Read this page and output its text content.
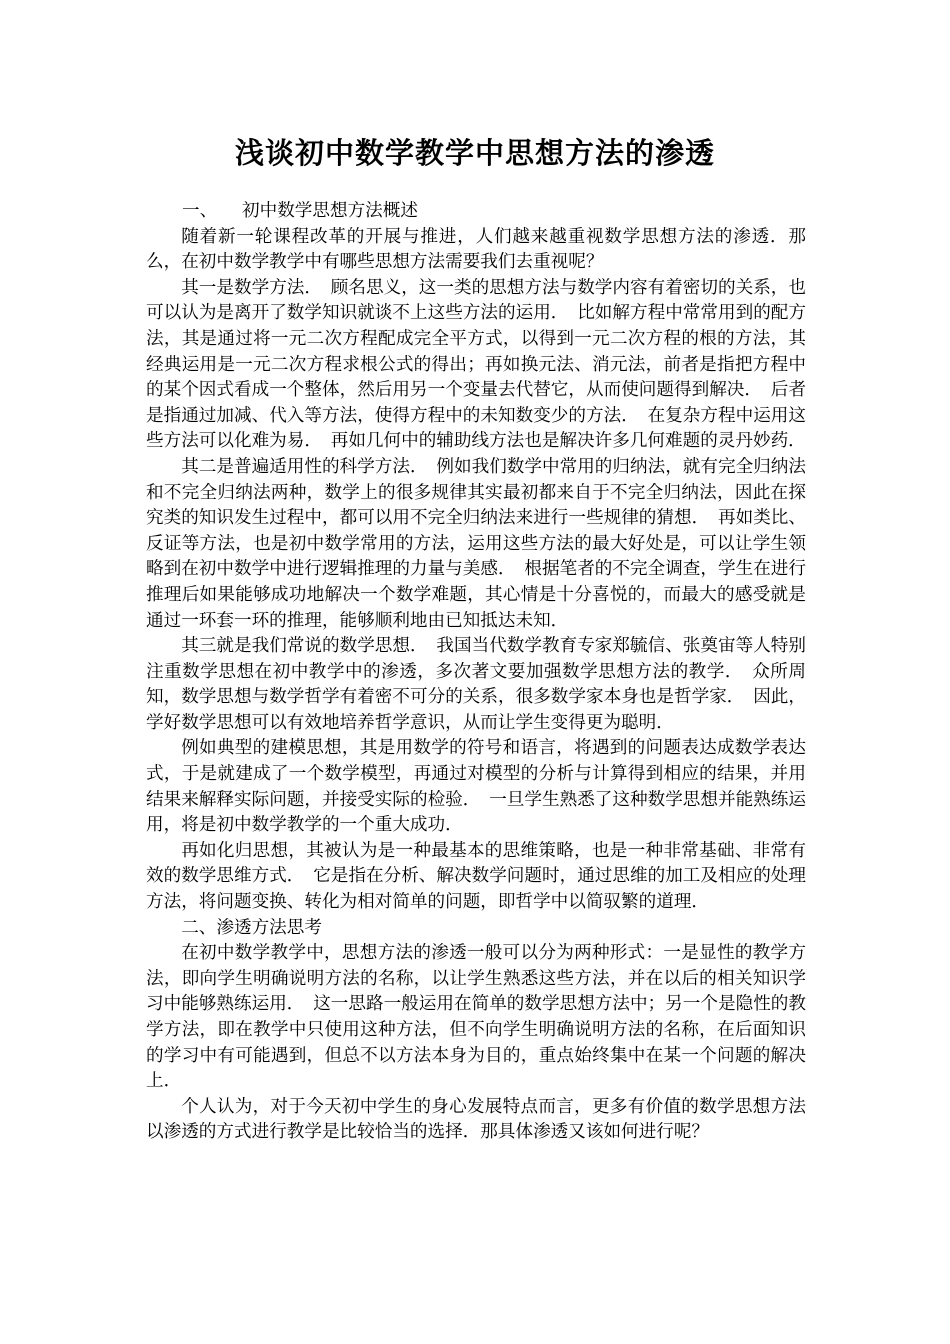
浅谈初中数学教学中思想方法的渗透
一、 初中数学思想方法概述

随着新一轮课程改革的开展与推进，人们越来越重视数学思想方法的渗透．那么，在初中数学教学中有哪些思想方法需要我们去重视呢？

其一是数学方法．　顾名思义，这一类的思想方法与数学内容有着密切的关系，也可以认为是离开了数学知识就谈不上这些方法的运用．　比如解方程中常常用到的配方法，其是通过将一元二次方程配成完全平方式，以得到一元二次方程的根的方法，其经典运用是一元二次方程求根公式的得出；再如换元法、消元法，前者是指把方程中的某个因式看成一个整体，然后用另一个变量去代替它，从而使问题得到解决．　后者是指通过加减、代入等方法，使得方程中的未知数变少的方法．　在复杂方程中运用这些方法可以化难为易．　再如几何中的辅助线方法也是解决许多几何难题的灵丹妙药．

其二是普遍适用性的科学方法．　例如我们数学中常用的归纳法，就有完全归纳法和不完全归纳法两种，数学上的很多规律其实最初都来自于不完全归纳法，因此在探究类的知识发生过程中，都可以用不完全归纳法来进行一些规律的猜想．　再如类比、反证等方法，也是初中数学常用的方法，运用这些方法的最大好处是，可以让学生领略到在初中数学中进行逻辑推理的力量与美感．　根据笔者的不完全调查，学生在进行推理后如果能够成功地解决一个数学难题，其心情是十分喜悦的，而最大的感受就是通过一环套一环的推理，能够顺利地由已知抵达未知．

其三就是我们常说的数学思想．　我国当代数学教育专家郑毓信、张奠宙等人特别注重数学思想在初中教学中的渗透，多次著文要加强数学思想方法的教学．　众所周知，数学思想与数学哲学有着密不可分的关系，很多数学家本身也是哲学家．　因此，学好数学思想可以有效地培养哲学意识，从而让学生变得更为聪明．

例如典型的建模思想，其是用数学的符号和语言，将遇到的问题表达成数学表达式，于是就建成了一个数学模型，再通过对模型的分析与计算得到相应的结果，并用结果来解释实际问题，并接受实际的检验．　一旦学生熟悉了这种数学思想并能熟练运用，将是初中数学教学的一个重大成功．

再如化归思想，其被认为是一种最基本的思维策略，也是一种非常基础、非常有效的数学思维方式．　它是指在分析、解决数学问题时，通过思维的加工及相应的处理方法，将问题变换、转化为相对简单的问题，即哲学中以简驭繁的道理．

二、渗透方法思考

在初中数学教学中，思想方法的渗透一般可以分为两种形式：一是显性的教学方法，即向学生明确说明方法的名称，以让学生熟悉这些方法，并在以后的相关知识学习中能够熟练运用．　这一思路一般运用在简单的数学思想方法中；另一个是隐性的教学方法，即在教学中只使用这种方法，但不向学生明确说明方法的名称，在后面知识的学习中有可能遇到，但总不以方法本身为目的，重点始终集中在某一个问题的解决上．

个人认为，对于今天初中学生的身心发展特点而言，更多有价值的数学思想方法以渗透的方式进行教学是比较恰当的选择．那具体渗透又该如何进行呢？
